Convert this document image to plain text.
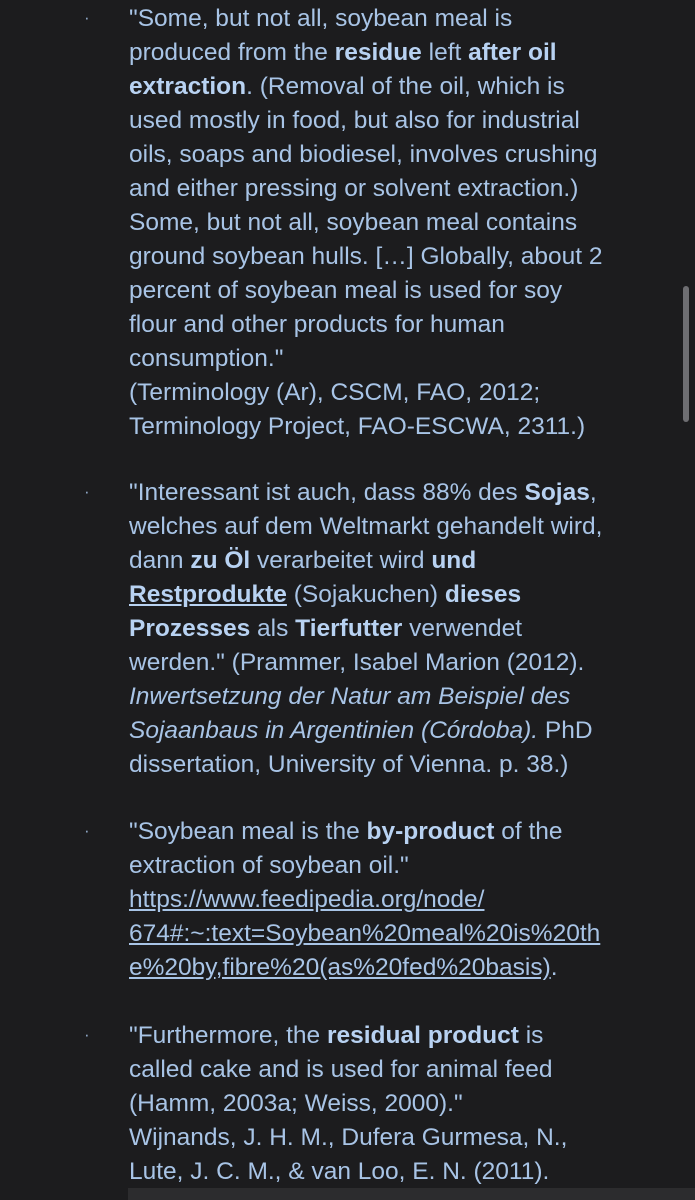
· "Some, but not all, soybean meal is
produced from the residue left after oil
extraction. (Removal of the oil, which is
used mostly in food, but also for industrial
oils, soaps and biodiesel, involves crushing
and either pressing or solvent extraction.)
Some, but not all, soybean meal contains
ground soybean hulls. […] Globally, about 2
percent of soybean meal is used for soy
flour and other products for human
consumption."
(Terminology (Ar), CSCM, FAO, 2012;
Terminology Project, FAO-ESCWA, 2311.)

· "Interessant ist auch, dass 88% des Sojas,
welches auf dem Weltmarkt gehandelt wird,
dann zu Öl verarbeitet wird und
Restprodukte (Sojakuchen) dieses
Prozesses als Tierfutter verwendet
werden." (Prammer, Isabel Marion (2012).
Inwertsetzung der Natur am Beispiel des
Sojaanbaus in Argentinien (Córdoba). PhD
dissertation, University of Vienna. p. 38.)

· "Soybean meal is the by-product of the
extraction of soybean oil."
https://www.feedipedia.org/node/
674#:~:text=Soybean%20meal%20is%20th
e%20by,fibre%20(as%20fed%20basis).

· "Furthermore, the residual product is
called cake and is used for animal feed
(Hamm, 2003a; Weiss, 2000)."
Wijnands, J. H. M., Dufera Gurmesa, N.,
Lute, J. C. M., & van Loo, E. N. (2011).
